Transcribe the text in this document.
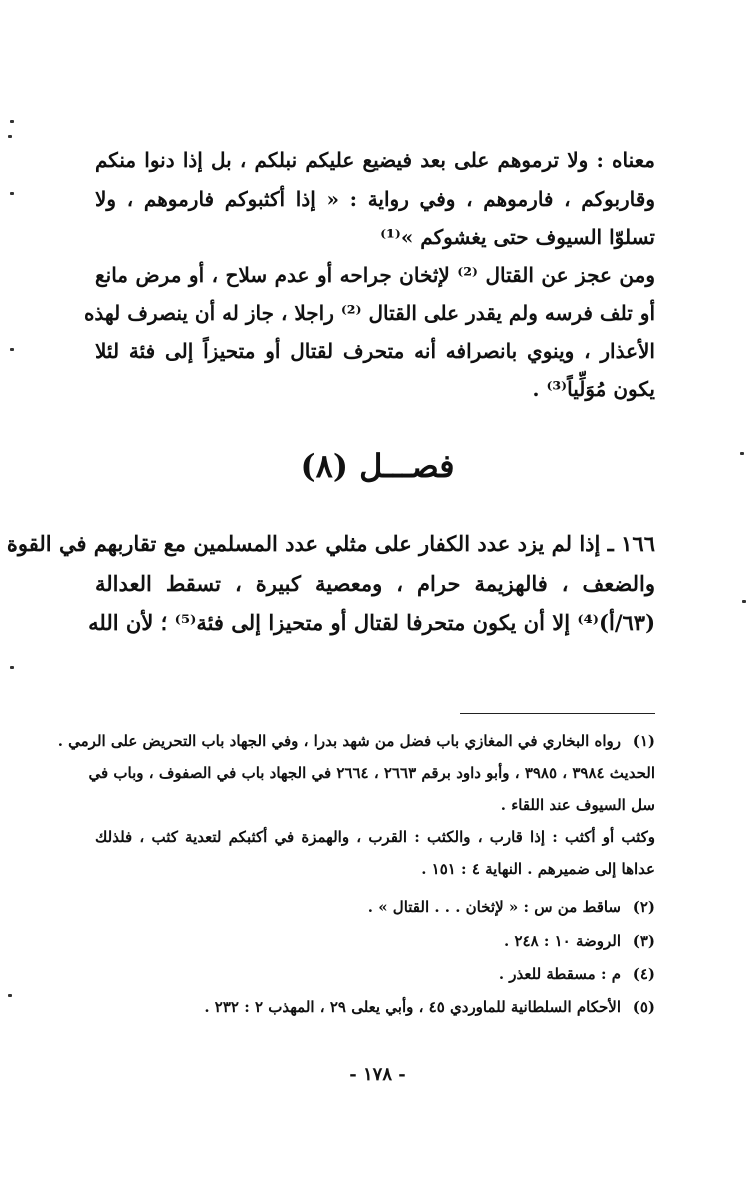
معناه : ولا ترموهم على بعد فيضيع عليكم نبلكم ، بل إذا دنوا منكم
وقاربوكم ، فارموهم ، وفي رواية : « إذا أكثبوكم فارموهم ، ولا
تسلوّا السيوف حتى يغشوكم »⁽¹⁾
ومن عجز عن القتال ⁽²⁾ لإثخان جراحه أو عدم سلاح ، أو مرض مانع
أو تلف فرسه ولم يقدر على القتال ⁽²⁾ راجلا ، جاز له أن ينصرف لهذه
الأعذار ، وينوي بانصرافه أنه متحرف لقتال أو متحيزاً إلى فئة لئلا
يكون مُوَلِّياً⁽³⁾ .
فصـــل (٨)
١٦٦ ـ إذا لم يزد عدد الكفار على مثلي عدد المسلمين مع تقاربهم في القوة
والضعف ، فالهزيمة حرام ، ومعصية كبيرة ، تسقط العدالة
(٦٣/أ)⁽⁴⁾ إلا أن يكون متحرفا لقتال أو متحيزا إلى فئة⁽⁵⁾ ؛ لأن الله
(١)رواه البخاري في المغازي باب فضل من شهد بدرا ، وفي الجهاد باب التحريض على الرمي .
الحديث ٣٩٨٤ ، ٣٩٨٥ ، وأبو داود برقم ٢٦٦٣ ، ٢٦٦٤ في الجهاد باب في الصفوف ، وباب في
سل السيوف عند اللقاء .
وكثب أو أكثب : إذا قارب ، والكثب : القرب ، والهمزة في أكثبكم لتعدية كثب ، فلذلك
عداها إلى ضميرهم . النهاية ٤ : ١٥١ .
(٢)ساقط من س : « لإثخان . . . القتال » .
(٣)الروضة ١٠ : ٢٤٨ .
(٤)م : مسقطة للعذر .
(٥)الأحكام السلطانية للماوردي ٤٥ ، وأبي يعلى ٢٩ ، المهذب ٢ : ٢٣٢ .
- ١٧٨ -
